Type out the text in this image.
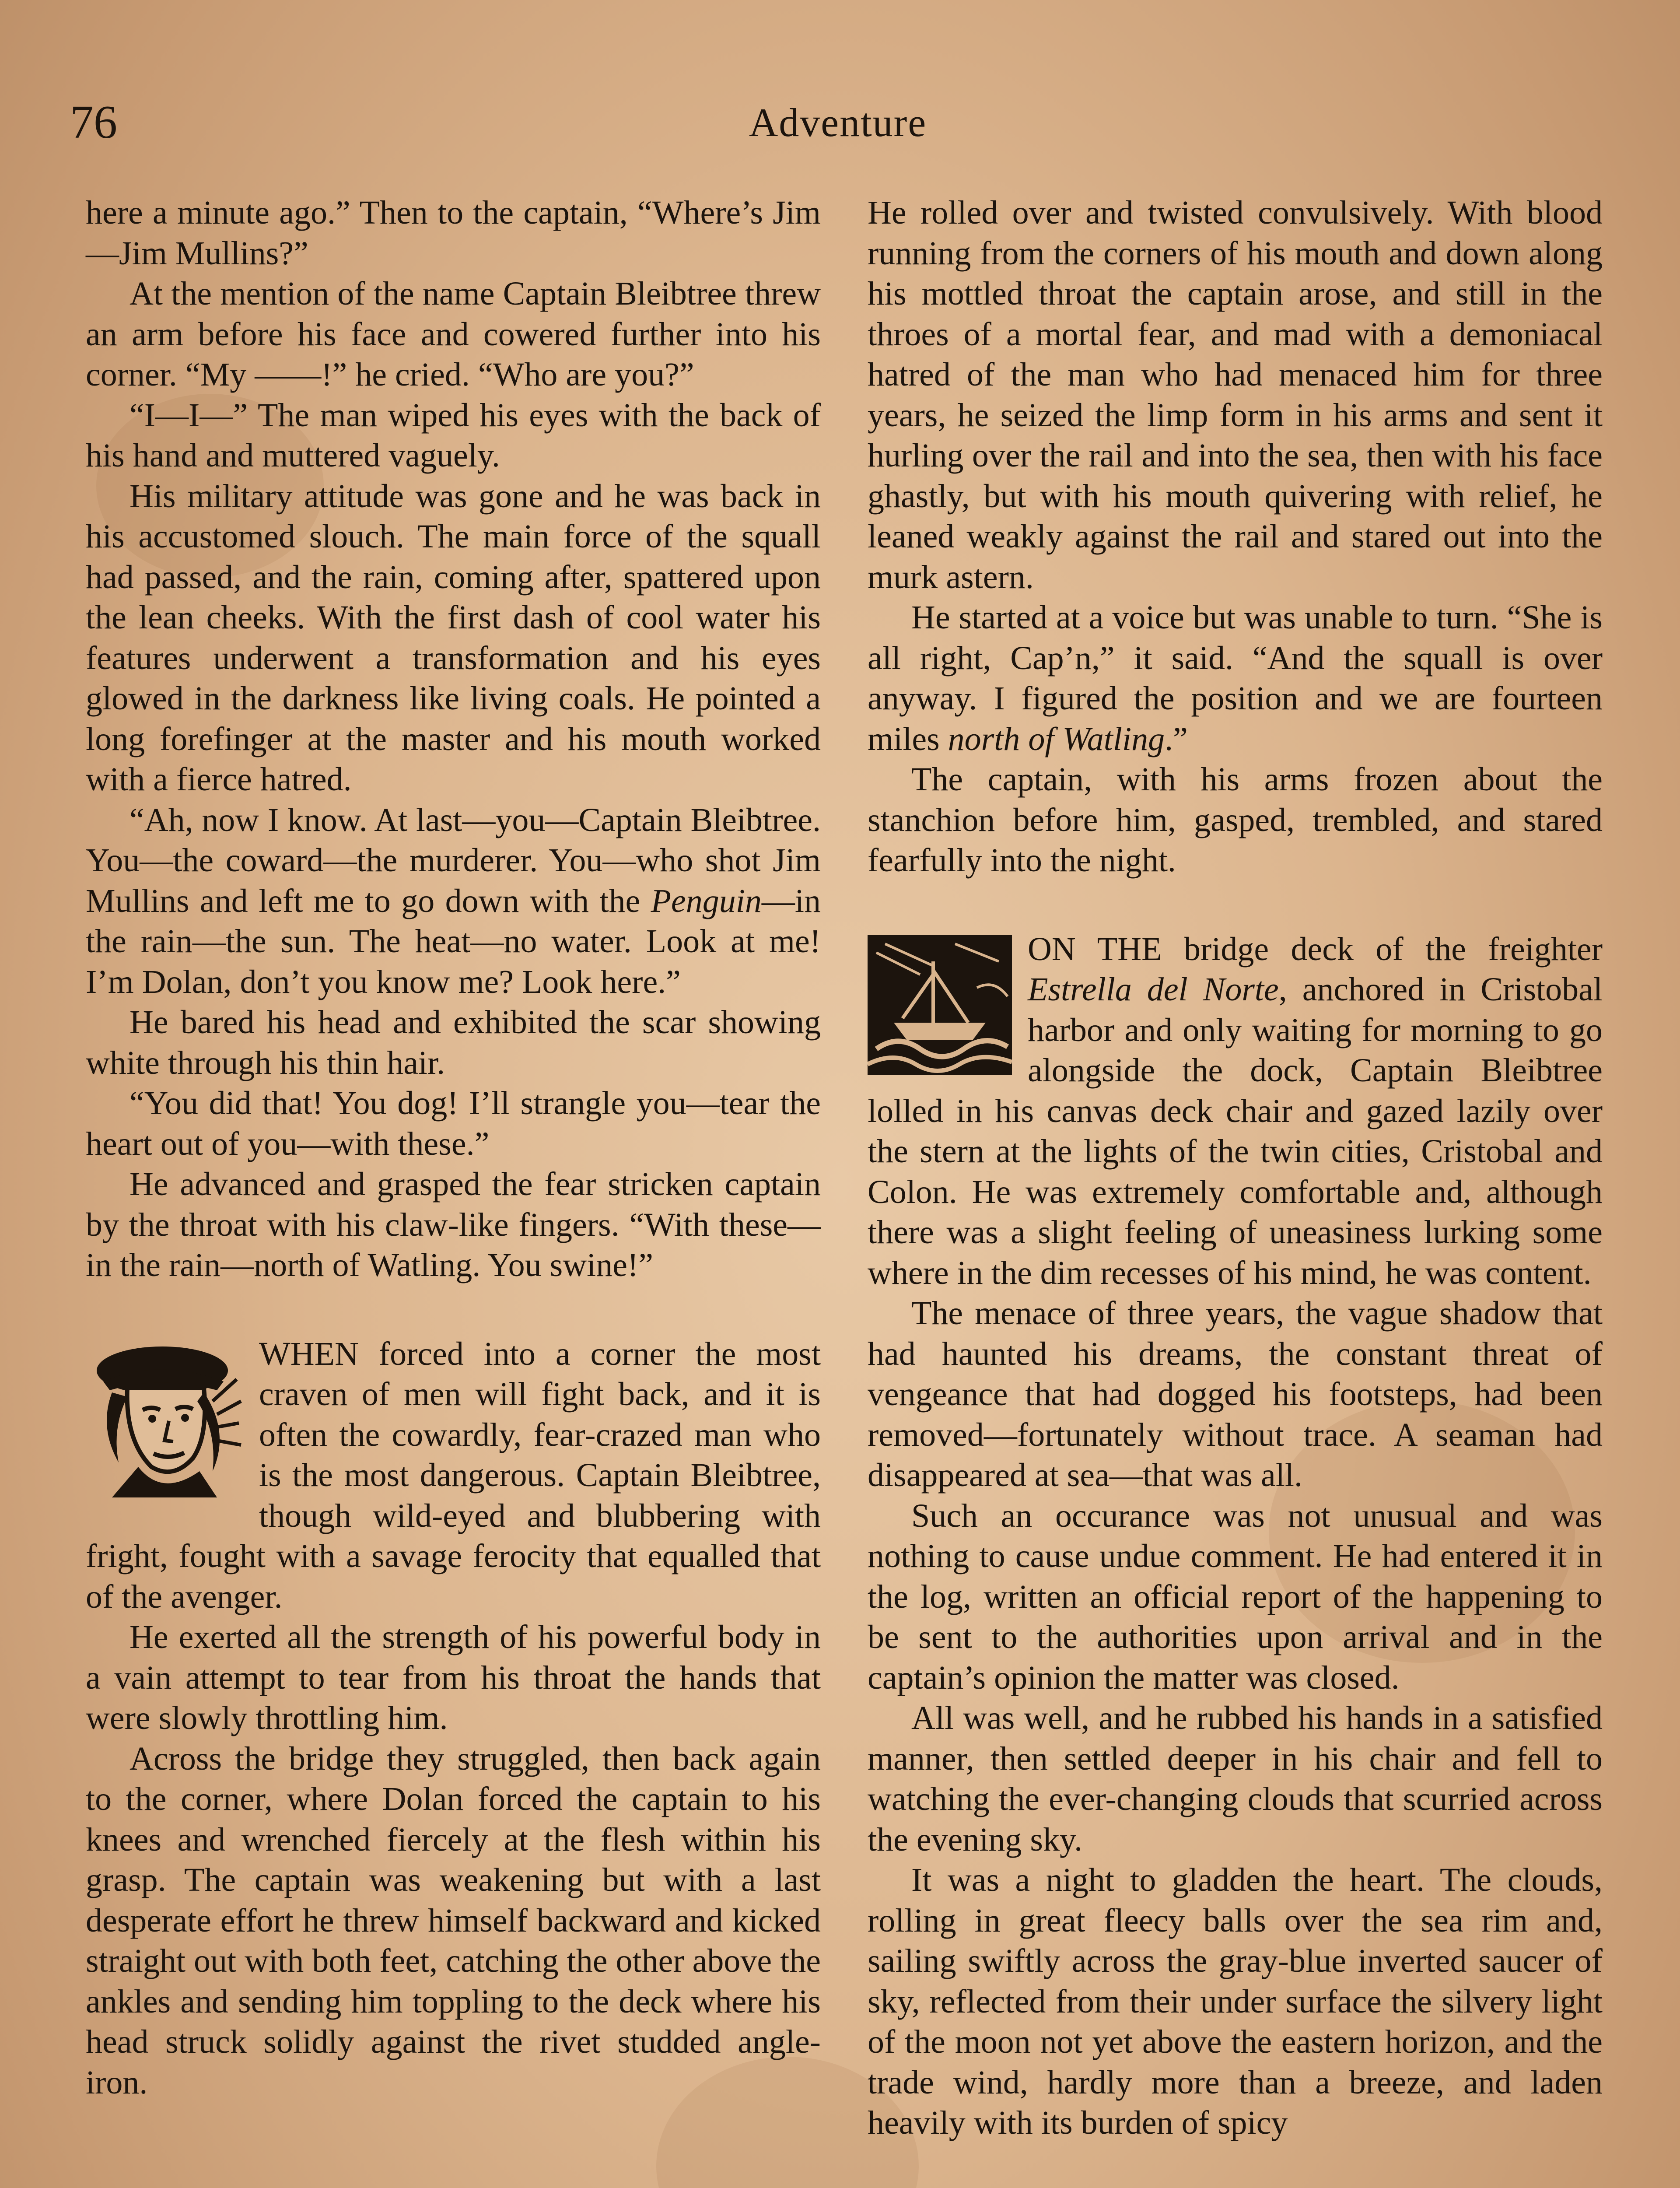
76	Adventure

here a minute ago.” Then to the captain, “Where’s Jim—Jim Mullins?”

At the mention of the name Captain Bleibtree threw an arm before his face and cowered further into his corner. “My ——!” he cried. “Who are you?”

“I—I—” The man wiped his eyes with the back of his hand and muttered vaguely.

His military attitude was gone and he was back in his accustomed slouch. The main force of the squall had passed, and the rain, coming after, spattered upon the lean cheeks. With the first dash of cool water his features underwent a transformation and his eyes glowed in the darkness like living coals. He pointed a long forefinger at the master and his mouth worked with a fierce hatred.

“Ah, now I know. At last—you—Captain Bleibtree. You—the coward—the murderer. You—who shot Jim Mullins and left me to go down with the Penguin—in the rain—the sun. The heat—no water. Look at me! I’m Dolan, don’t you know me? Look here.”

He bared his head and exhibited the scar showing white through his thin hair.

“You did that! You dog! I’ll strangle you—tear the heart out of you—with these.”

He advanced and grasped the fear stricken captain by the throat with his claw-like fingers. “With these—in the rain—north of Watling. You swine!”

WHEN forced into a corner the most craven of men will fight back, and it is often the cowardly, fear-crazed man who is the most dangerous. Captain Bleibtree, though wild-eyed and blubbering with fright, fought with a savage ferocity that equalled that of the avenger.

He exerted all the strength of his powerful body in a vain attempt to tear from his throat the hands that were slowly throttling him.

Across the bridge they struggled, then back again to the corner, where Dolan forced the captain to his knees and wrenched fiercely at the flesh within his grasp. The captain was weakening but with a last desperate effort he threw himself backward and kicked straight out with both feet, catching the other above the ankles and sending him toppling to the deck where his head struck solidly against the rivet studded angle-iron.

He rolled over and twisted convulsively. With blood running from the corners of his mouth and down along his mottled throat the captain arose, and still in the throes of a mortal fear, and mad with a demoniacal hatred of the man who had menaced him for three years, he seized the limp form in his arms and sent it hurling over the rail and into the sea, then with his face ghastly, but with his mouth quivering with relief, he leaned weakly against the rail and stared out into the murk astern.

He started at a voice but was unable to turn. “She is all right, Cap’n,” it said. “And the squall is over anyway. I figured the position and we are fourteen miles north of Watling.”

The captain, with his arms frozen about the stanchion before him, gasped, trembled, and stared fearfully into the night.

ON THE bridge deck of the freighter Estrella del Norte, anchored in Cristobal harbor and only waiting for morning to go alongside the dock, Captain Bleibtree lolled in his canvas deck chair and gazed lazily over the stern at the lights of the twin cities, Cristobal and Colon. He was extremely comfortable and, although there was a slight feeling of uneasiness lurking some where in the dim recesses of his mind, he was content.

The menace of three years, the vague shadow that had haunted his dreams, the constant threat of vengeance that had dogged his footsteps, had been removed—fortunately without trace. A seaman had disappeared at sea—that was all.

Such an occurance was not unusual and was nothing to cause undue comment. He had entered it in the log, written an official report of the happening to be sent to the authorities upon arrival and in the captain’s opinion the matter was closed.

All was well, and he rubbed his hands in a satisfied manner, then settled deeper in his chair and fell to watching the ever-changing clouds that scurried across the evening sky.

It was a night to gladden the heart. The clouds, rolling in great fleecy balls over the sea rim and, sailing swiftly across the gray-blue inverted saucer of sky, reflected from their under surface the silvery light of the moon not yet above the eastern horizon, and the trade wind, hardly more than a breeze, and laden heavily with its burden of spicy
